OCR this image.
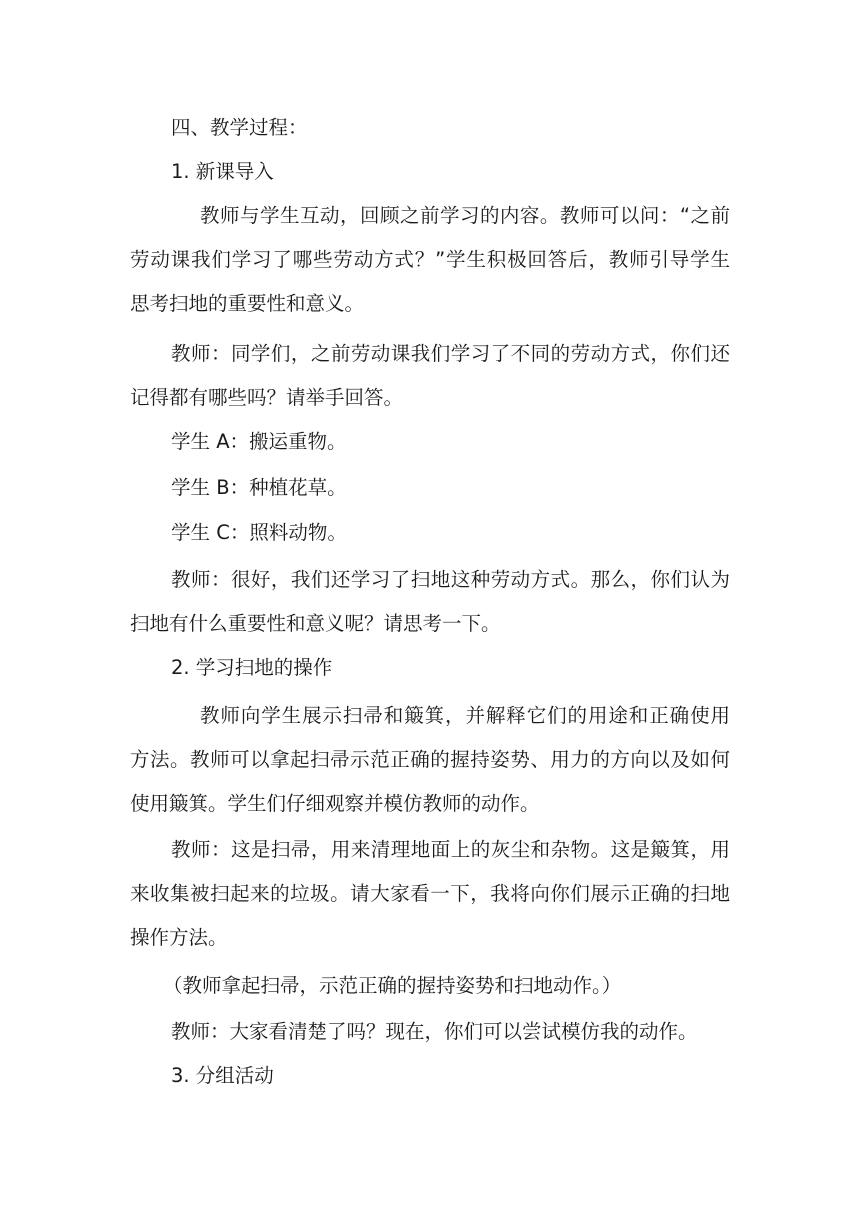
四、教学过程：
1. 新课导入
教师与学生互动，回顾之前学习的内容。教师可以问：“之前
劳动课我们学习了哪些劳动方式？”学生积极回答后，教师引导学生
思考扫地的重要性和意义。
教师：同学们，之前劳动课我们学习了不同的劳动方式，你们还
记得都有哪些吗？请举手回答。
学生 A：搬运重物。
学生 B：种植花草。
学生 C：照料动物。
教师：很好，我们还学习了扫地这种劳动方式。那么，你们认为
扫地有什么重要性和意义呢？请思考一下。
2. 学习扫地的操作
教师向学生展示扫帚和簸箕，并解释它们的用途和正确使用
方法。教师可以拿起扫帚示范正确的握持姿势、用力的方向以及如何
使用簸箕。学生们仔细观察并模仿教师的动作。
教师：这是扫帚，用来清理地面上的灰尘和杂物。这是簸箕，用
来收集被扫起来的垃圾。请大家看一下，我将向你们展示正确的扫地
操作方法。
（教师拿起扫帚，示范正确的握持姿势和扫地动作。）
教师：大家看清楚了吗？现在，你们可以尝试模仿我的动作。
3. 分组活动
